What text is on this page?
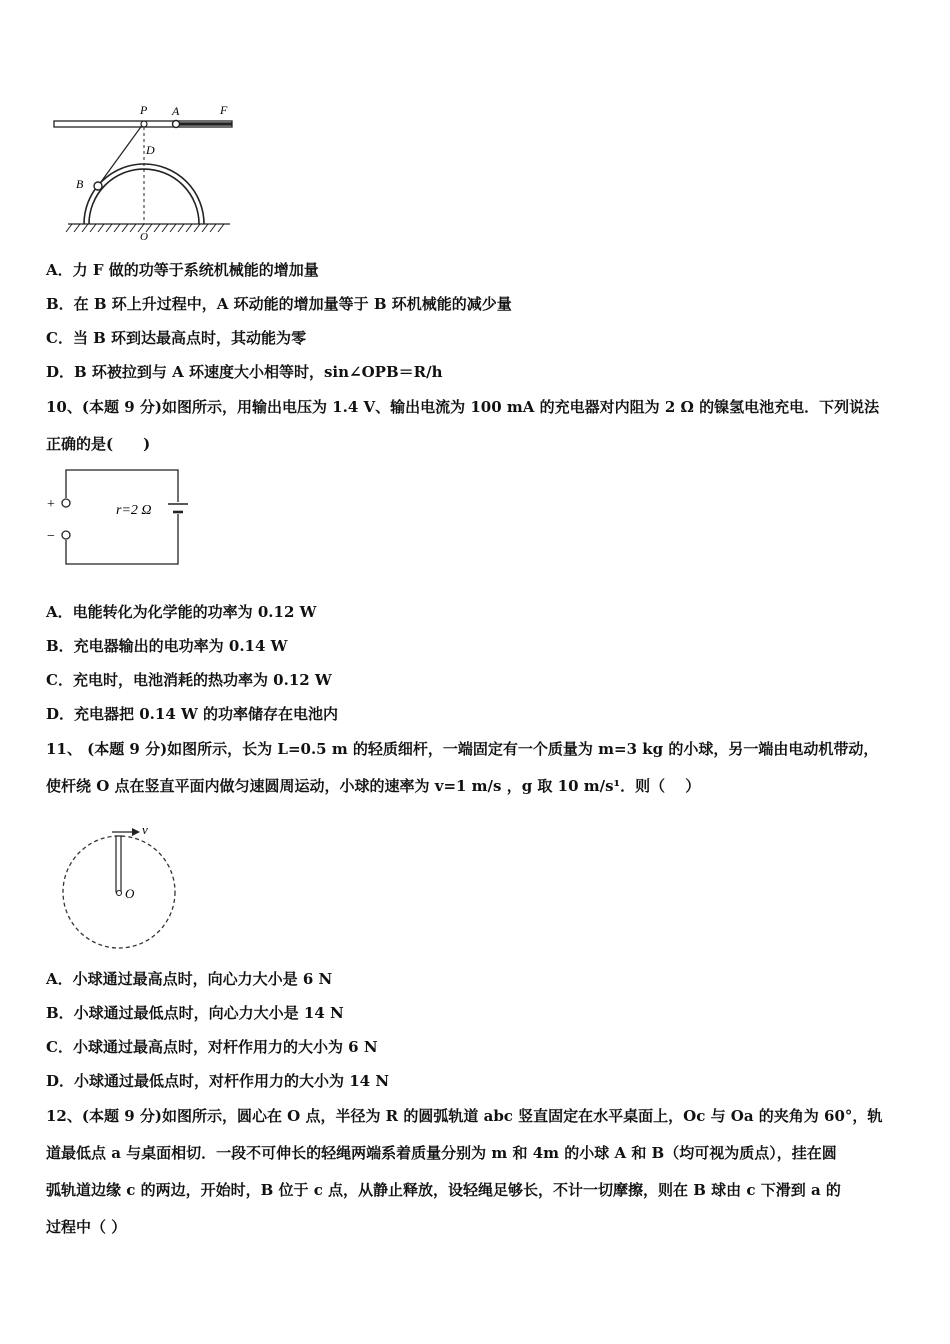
P A	F
D
B
O
A．力 F 做的功等于系统机械能的增加量
B．在 B 环上升过程中，A 环动能的增加量等于 B 环机械能的减少量
C．当 B 环到达最高点时，其动能为零
D．B 环被拉到与 A 环速度大小相等时，sin∠OPB＝R/h
10、(本题 9 分)如图所示，用输出电压为 1.4 V、输出电流为 100 mA 的充电器对内阻为 2 Ω 的镍氢电池充电．下列说法
正确的是(　　)
+
−
r=2 Ω
A．电能转化为化学能的功率为 0.12 W
B．充电器输出的电功率为 0.14 W
C．充电时，电池消耗的热功率为 0.12 W
D．充电器把 0.14 W 的功率储存在电池内
11、 (本题 9 分)如图所示，长为 L=0.5 m 的轻质细杆，一端固定有一个质量为 m=3 kg 的小球，另一端由电动机带动，
使杆绕 O 点在竖直平面内做匀速圆周运动，小球的速率为 v=1 m/s ，g 取 10 m/s¹．则（　 ）
v
O
A．小球通过最高点时，向心力大小是 6 N
B．小球通过最低点时，向心力大小是 14 N
C．小球通过最高点时，对杆作用力的大小为 6 N
D．小球通过最低点时，对杆作用力的大小为 14 N
12、(本题 9 分)如图所示，圆心在 O 点，半径为 R 的圆弧轨道 abc 竖直固定在水平桌面上，Oc 与 Oa 的夹角为 60°，轨
道最低点 a 与桌面相切．一段不可伸长的轻绳两端系着质量分别为 m 和 4m 的小球 A 和 B（均可视为质点），挂在圆
弧轨道边缘 c 的两边，开始时，B 位于 c 点，从静止释放，设轻绳足够长，不计一切摩擦，则在 B 球由 c 下滑到 a 的
过程中（ ）
